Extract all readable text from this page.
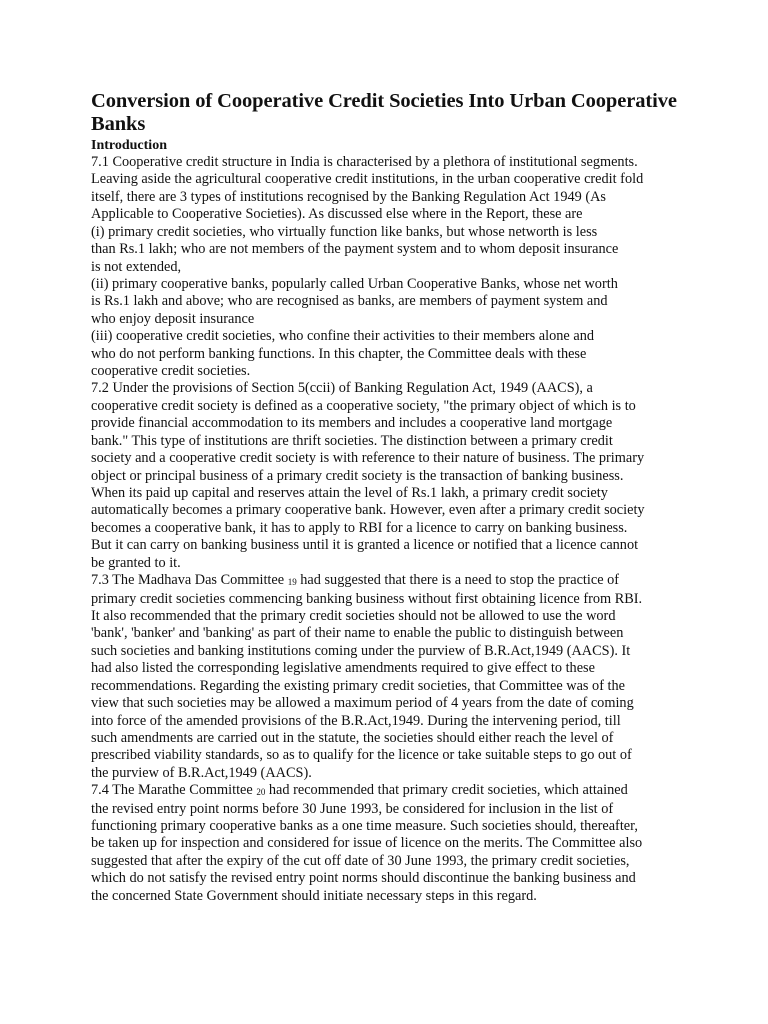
Conversion of Cooperative Credit Societies Into Urban Cooperative
Banks
Introduction
7.1 Cooperative credit structure in India is characterised by a plethora of institutional segments.
Leaving aside the agricultural cooperative credit institutions, in the urban cooperative credit fold
itself, there are 3 types of institutions recognised by the Banking Regulation Act 1949 (As
Applicable to Cooperative Societies). As discussed else where in the Report, these are
(i) primary credit societies, who virtually function like banks, but whose networth is less
than Rs.1 lakh; who are not members of the payment system and to whom deposit insurance
is not extended,
(ii) primary cooperative banks, popularly called Urban Cooperative Banks, whose net worth
is Rs.1 lakh and above; who are recognised as banks, are members of payment system and
who enjoy deposit insurance
(iii) cooperative credit societies, who confine their activities to their members alone and
who do not perform banking functions. In this chapter, the Committee deals with these
cooperative credit societies.
7.2 Under the provisions of Section 5(ccii) of Banking Regulation Act, 1949 (AACS), a
cooperative credit society is defined as a cooperative society, "the primary object of which is to
provide financial accommodation to its members and includes a cooperative land mortgage
bank." This type of institutions are thrift societies. The distinction between a primary credit
society and a cooperative credit society is with reference to their nature of business. The primary
object or principal business of a primary credit society is the transaction of banking business.
When its paid up capital and reserves attain the level of Rs.1 lakh, a primary credit society
automatically becomes a primary cooperative bank. However, even after a primary credit society
becomes a cooperative bank, it has to apply to RBI for a licence to carry on banking business.
But it can carry on banking business until it is granted a licence or notified that a licence cannot
be granted to it.
7.3 The Madhava Das Committee $^{19}$ had suggested that there is a need to stop the practice of
primary credit societies commencing banking business without first obtaining licence from RBI.
It also recommended that the primary credit societies should not be allowed to use the word
'bank', 'banker' and 'banking' as part of their name to enable the public to distinguish between
such societies and banking institutions coming under the purview of B.R.Act,1949 (AACS). It
had also listed the corresponding legislative amendments required to give effect to these
recommendations. Regarding the existing primary credit societies, that Committee was of the
view that such societies may be allowed a maximum period of 4 years from the date of coming
into force of the amended provisions of the B.R.Act,1949. During the intervening period, till
such amendments are carried out in the statute, the societies should either reach the level of
prescribed viability standards, so as to qualify for the licence or take suitable steps to go out of
the purview of B.R.Act,1949 (AACS).
7.4 The Marathe Committee $^{20}$ had recommended that primary credit societies, which attained
the revised entry point norms before 30 June 1993, be considered for inclusion in the list of
functioning primary cooperative banks as a one time measure. Such societies should, thereafter,
be taken up for inspection and considered for issue of licence on the merits. The Committee also
suggested that after the expiry of the cut off date of 30 June 1993, the primary credit societies,
which do not satisfy the revised entry point norms should discontinue the banking business and
the concerned State Government should initiate necessary steps in this regard.
